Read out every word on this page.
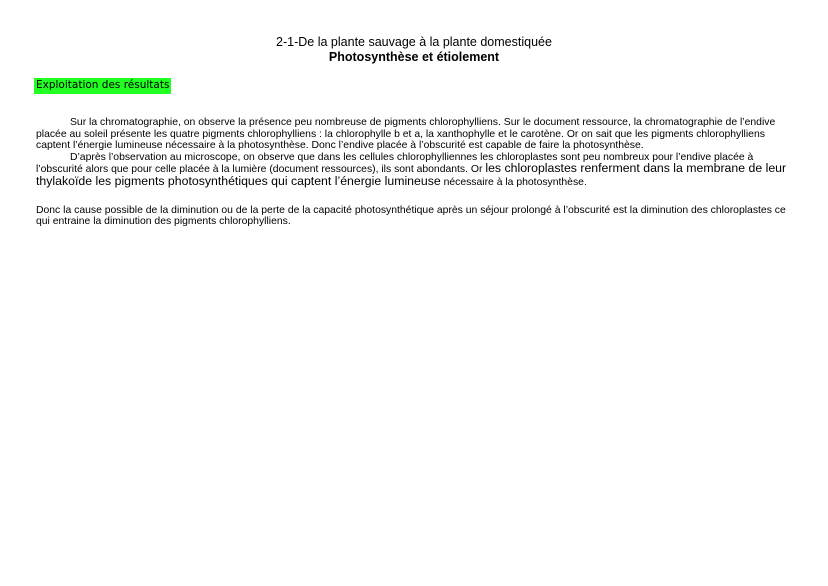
2-1-De la plante sauvage à la plante domestiquée
Photosynthèse et étiolement
Exploitation des résultats

Sur la chromatographie, on observe la présence peu nombreuse de pigments chlorophylliens. Sur le document ressource, la chromatographie de l’endive placée au soleil présente les quatre pigments chlorophylliens : la chlorophylle b et a, la xanthophylle et le carotène. Or on sait que les pigments chlorophylliens captent l’énergie lumineuse nécessaire à la photosynthèse. Donc l’endive placée à l’obscurité est capable de faire la photosynthèse.

D’après l’observation au microscope, on observe que dans les cellules chlorophylliennes les chloroplastes sont peu nombreux pour l’endive placée à l’obscurité alors que pour celle placée à la lumière (document ressources), ils sont abondants. Or les chloroplastes renferment dans la membrane de leur thylakoïde les pigments photosynthétiques qui captent l’énergie lumineuse nécessaire à la photosynthèse.

Donc la cause possible de la diminution ou de la perte de la capacité photosynthétique après un séjour prolongé à l’obscurité est la diminution des chloroplastes ce qui entraine la diminution des pigments chlorophylliens.
